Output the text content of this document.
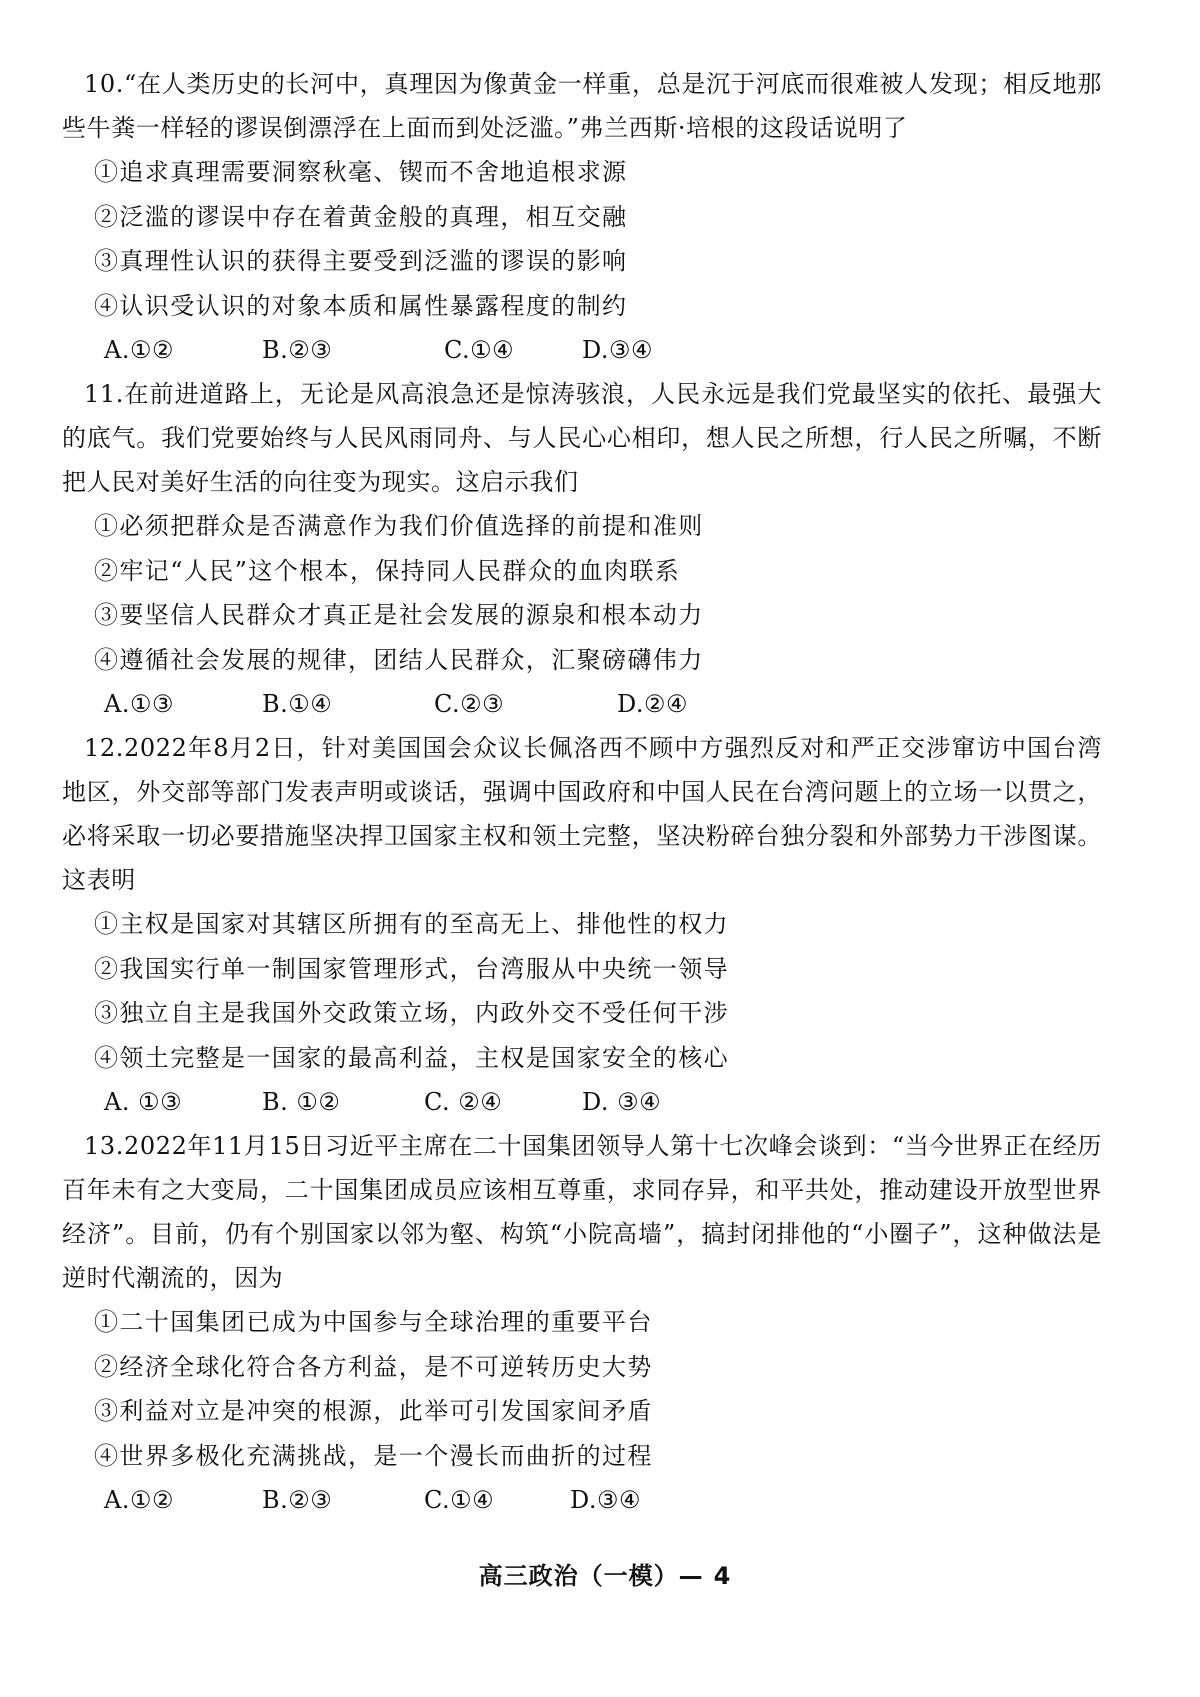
10.“在人类历史的长河中，真理因为像黄金一样重，总是沉于河底而很难被人发现；相反地那些牛粪一样轻的谬误倒漂浮在上面而到处泛滥。”弗兰西斯·培根的这段话说明了

①追求真理需要洞察秋毫、锲而不舍地追根求源

②泛滥的谬误中存在着黄金般的真理，相互交融

③真理性认识的获得主要受到泛滥的谬误的影响

④认识受认识的对象本质和属性暴露程度的制约

A.①②	B.②③	C.①④	D.③④

11.在前进道路上，无论是风高浪急还是惊涛骇浪，人民永远是我们党最坚实的依托、最强大的底气。我们党要始终与人民风雨同舟、与人民心心相印，想人民之所想，行人民之所嘱，不断把人民对美好生活的向往变为现实。这启示我们

①必须把群众是否满意作为我们价值选择的前提和准则

②牢记“人民”这个根本，保持同人民群众的血肉联系

③要坚信人民群众才真正是社会发展的源泉和根本动力

④遵循社会发展的规律，团结人民群众，汇聚磅礴伟力

A.①③	B.①④	C.②③	D.②④

12.2022年8月2日，针对美国国会众议长佩洛西不顾中方强烈反对和严正交涉窜访中国台湾地区，外交部等部门发表声明或谈话，强调中国政府和中国人民在台湾问题上的立场一以贯之，必将采取一切必要措施坚决捍卫国家主权和领土完整，坚决粉碎台独分裂和外部势力干涉图谋。这表明

①主权是国家对其辖区所拥有的至高无上、排他性的权力

②我国实行单一制国家管理形式，台湾服从中央统一领导

③独立自主是我国外交政策立场，内政外交不受任何干涉

④领土完整是一国家的最高利益，主权是国家安全的核心

A. ①③	B. ①②	C. ②④	D. ③④

13.2022年11月15日习近平主席在二十国集团领导人第十七次峰会谈到：“当今世界正在经历百年未有之大变局，二十国集团成员应该相互尊重，求同存异，和平共处，推动建设开放型世界经济”。目前，仍有个别国家以邻为壑、构筑“小院高墙”，搞封闭排他的“小圈子”，这种做法是逆时代潮流的，因为

①二十国集团已成为中国参与全球治理的重要平台

②经济全球化符合各方利益，是不可逆转历史大势

③利益对立是冲突的根源，此举可引发国家间矛盾

④世界多极化充满挑战，是一个漫长而曲折的过程

A.①②	B.②③	C.①④	D.③④
高三政治（一模）— 4
